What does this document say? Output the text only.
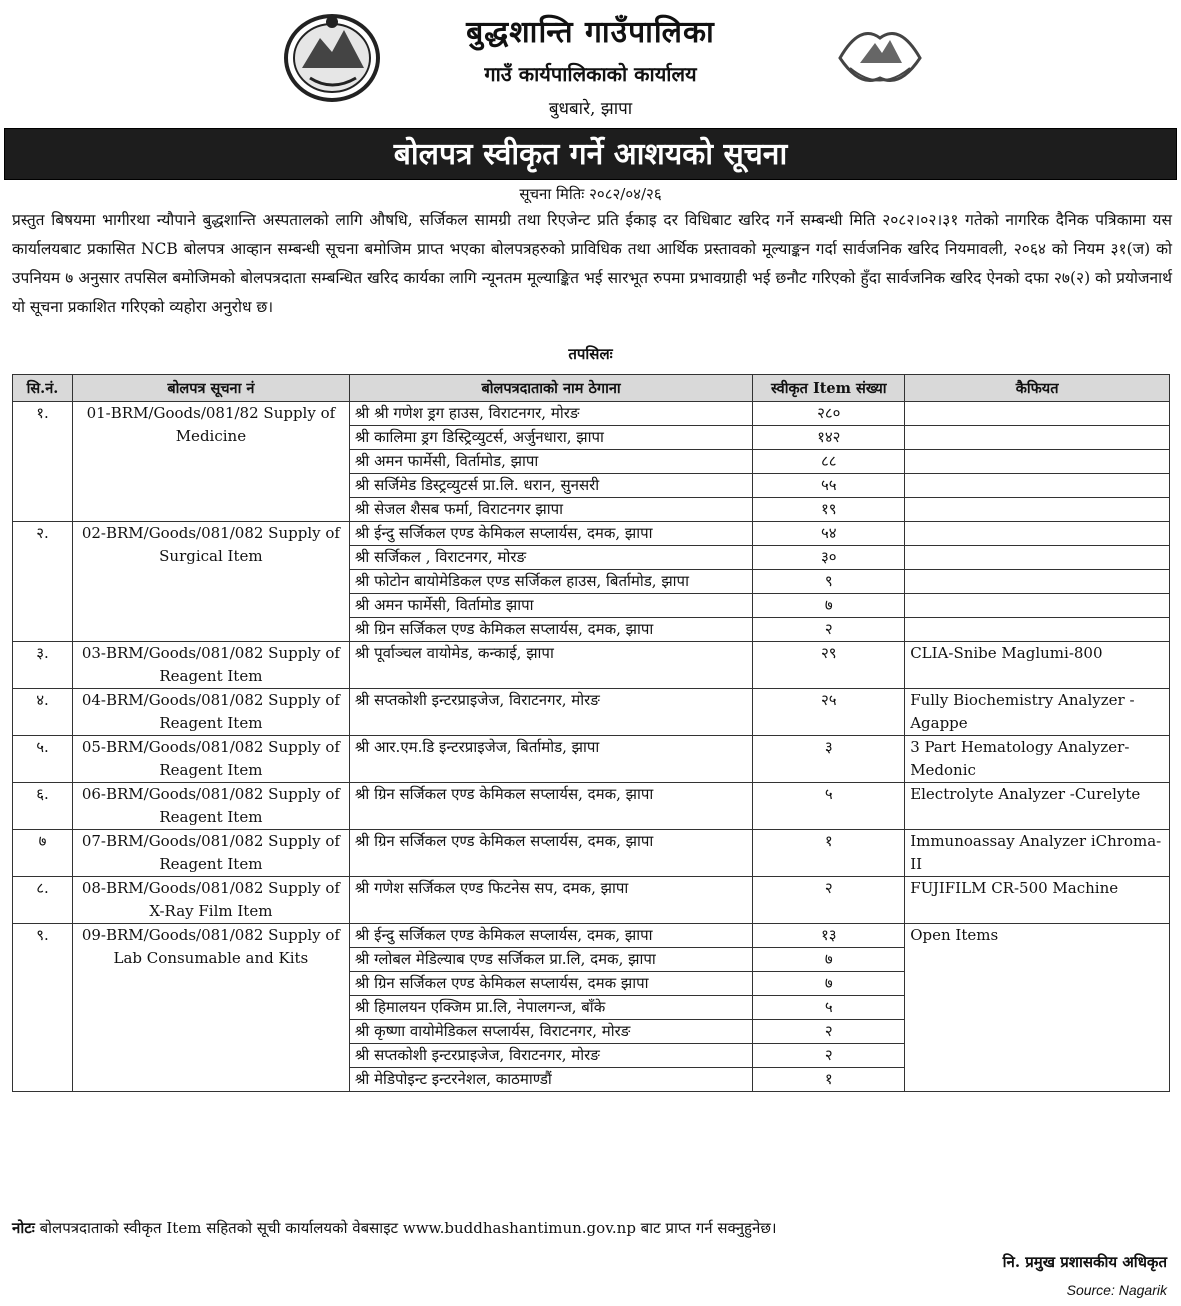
बुद्धशान्ति गाउँपालिका
गाउँ कार्यपालिकाको कार्यालय
बुधबारे, झापा
बोलपत्र स्वीकृत गर्ने आशयको सूचना
सूचना मितिः २०८२/०४/२६
प्रस्तुत बिषयमा भागीरथा न्यौपाने बुद्धशान्ति अस्पतालको लागि औषधि, सर्जिकल सामग्री तथा रिएजेन्ट प्रति ईकाइ दर विधिबाट खरिद गर्ने सम्बन्धी मिति २०८२।०२।३१ गतेको नागरिक दैनिक पत्रिकामा यस कार्यालयबाट प्रकासित NCB बोलपत्र आव्हान सम्बन्धी सूचना बमोजिम प्राप्त भएका बोलपत्रहरुको प्राविधिक तथा आर्थिक प्रस्तावको मूल्याङ्कन गर्दा सार्वजनिक खरिद नियमावली, २०६४ को नियम ३१(ज) को उपनियम ७ अनुसार तपसिल बमोजिमको बोलपत्रदाता सम्बन्धित खरिद कार्यका लागि न्यूनतम मूल्याङ्कित भई सारभूत रुपमा प्रभावग्राही भई छनौट गरिएको हुँदा सार्वजनिक खरिद ऐनको दफा २७(२) को प्रयोजनार्थ यो सूचना प्रकाशित गरिएको व्यहोरा अनुरोध छ।
तपसिलः
सि.नं.	बोलपत्र सूचना नं	बोलपत्रदाताको नाम ठेगाना	स्वीकृत Item संख्या	कैफियत
१.	01-BRM/Goods/081/82 Supply of Medicine	श्री श्री गणेश ड्रग हाउस, विराटनगर, मोरङ	२८०	
		श्री कालिमा ड्रग डिस्ट्रिव्युटर्स, अर्जुनधारा, झापा	१४२	
		श्री अमन फार्मेसी, विर्तामोड, झापा	८८	
		श्री सर्जिमेड डिस्ट्रव्युटर्स प्रा.लि. धरान, सुनसरी	५५	
		श्री सेजल शैसब फर्मा, विराटनगर झापा	१९	
२.	02-BRM/Goods/081/082 Supply of Surgical Item	श्री ईन्दु सर्जिकल एण्ड केमिकल सप्लार्यस, दमक, झापा	५४	
		श्री सर्जिकल , विराटनगर, मोरङ	३०	
		श्री फोटोन बायोमेडिकल एण्ड सर्जिकल हाउस, बिर्तामोड, झापा	९	
		श्री अमन फार्मेसी, विर्तामोड झापा	७	
		श्री ग्रिन सर्जिकल एण्ड केमिकल सप्लार्यस, दमक, झापा	२	
३.	03-BRM/Goods/081/082 Supply of Reagent Item	श्री पूर्वाञ्चल वायोमेड, कन्काई, झापा	२९	CLIA-Snibe Maglumi-800
४.	04-BRM/Goods/081/082 Supply of Reagent Item	श्री सप्तकोशी इन्टरप्राइजेज, विराटनगर, मोरङ	२५	Fully Biochemistry Analyzer -Agappe
५.	05-BRM/Goods/081/082 Supply of Reagent Item	श्री आर.एम.डि इन्टरप्राइजेज, बिर्तामोड, झापा	३	3 Part Hematology Analyzer-Medonic
६.	06-BRM/Goods/081/082 Supply of Reagent Item	श्री ग्रिन सर्जिकल एण्ड केमिकल सप्लार्यस, दमक, झापा	५	Electrolyte Analyzer -Curelyte
७	07-BRM/Goods/081/082 Supply of Reagent Item	श्री ग्रिन सर्जिकल एण्ड केमिकल सप्लार्यस, दमक, झापा	१	Immunoassay Analyzer iChroma-II
८.	08-BRM/Goods/081/082 Supply of X-Ray Film Item	श्री गणेश सर्जिकल एण्ड फिटनेस सप, दमक, झापा	२	FUJIFILM CR-500 Machine
९.	09-BRM/Goods/081/082 Supply of Lab Consumable and Kits	श्री ईन्दु सर्जिकल एण्ड केमिकल सप्लार्यस, दमक, झापा	१३	Open Items
		श्री ग्लोबल मेडिल्याब एण्ड सर्जिकल प्रा.लि, दमक, झापा	७	
		श्री ग्रिन सर्जिकल एण्ड केमिकल सप्लार्यस, दमक झापा	७	
		श्री हिमालयन एक्जिम प्रा.लि, नेपालगन्ज, बाँके	५	
		श्री कृष्णा वायोमेडिकल सप्लार्यस, विराटनगर, मोरङ	२	
		श्री सप्तकोशी इन्टरप्राइजेज, विराटनगर, मोरङ	२	
		श्री मेडिपोइन्ट इन्टरनेशल, काठमाण्डौं	१	
नोटः बोलपत्रदाताको स्वीकृत Item सहितको सूची कार्यालयको वेबसाइट www.buddhashantimun.gov.np बाट प्राप्त गर्न सक्नुहुनेछ।
नि. प्रमुख प्रशासकीय अधिकृत
Source: Nagarik
